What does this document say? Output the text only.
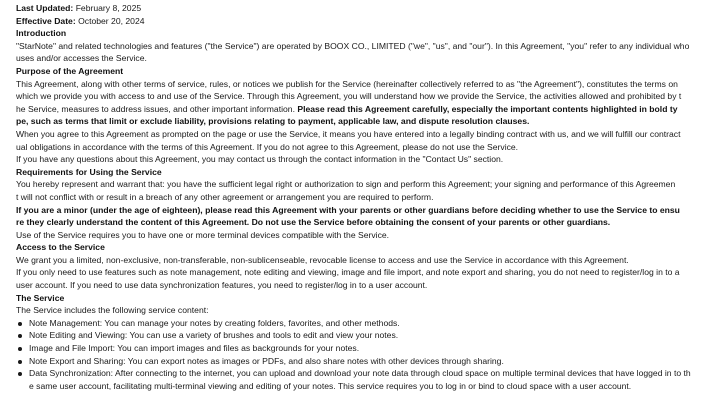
Last Updated: February 8, 2025
Effective Date: October 20, 2024
Introduction
"StarNote" and related technologies and features ("the Service") are operated by BOOX CO., LIMITED ("we", "us", and "our"). In this Agreement, "you" refer to any individual who
uses and/or accesses the Service.
Purpose of the Agreement
This Agreement, along with other terms of service, rules, or notices we publish for the Service (hereinafter collectively referred to as "the Agreement"), constitutes the terms on
which we provide you with access to and use of the Service. Through this Agreement, you will understand how we provide the Service, the activities allowed and prohibited by t
he Service, measures to address issues, and other important information. Please read this Agreement carefully, especially the important contents highlighted in bold ty
pe, such as terms that limit or exclude liability, provisions relating to payment, applicable law, and dispute resolution clauses.
When you agree to this Agreement as prompted on the page or use the Service, it means you have entered into a legally binding contract with us, and we will fulfill our contract
ual obligations in accordance with the terms of this Agreement. If you do not agree to this Agreement, please do not use the Service.
If you have any questions about this Agreement, you may contact us through the contact information in the "Contact Us" section.
Requirements for Using the Service
You hereby represent and warrant that: you have the sufficient legal right or authorization to sign and perform this Agreement; your signing and performance of this Agreemen
t will not conflict with or result in a breach of any other agreement or arrangement you are required to perform.
If you are a minor (under the age of eighteen), please read this Agreement with your parents or other guardians before deciding whether to use the Service to ensu
re they clearly understand the content of this Agreement. Do not use the Service before obtaining the consent of your parents or other guardians.
Use of the Service requires you to have one or more terminal devices compatible with the Service.
Access to the Service
We grant you a limited, non-exclusive, non-transferable, non-sublicenseable, revocable license to access and use the Service in accordance with this Agreement.
If you only need to use features such as note management, note editing and viewing, image and file import, and note export and sharing, you do not need to register/log in to a
user account. If you need to use data synchronization features, you need to register/log in to a user account.
The Service
The Service includes the following service content:
Note Management: You can manage your notes by creating folders, favorites, and other methods.
Note Editing and Viewing: You can use a variety of brushes and tools to edit and view your notes.
Image and File Import: You can import images and files as backgrounds for your notes.
Note Export and Sharing: You can export notes as images or PDFs, and also share notes with other devices through sharing.
Data Synchronization: After connecting to the internet, you can upload and download your note data through cloud space on multiple terminal devices that have logged in to th
e same user account, facilitating multi-terminal viewing and editing of your notes. This service requires you to log in or bind to cloud space with a user account.
